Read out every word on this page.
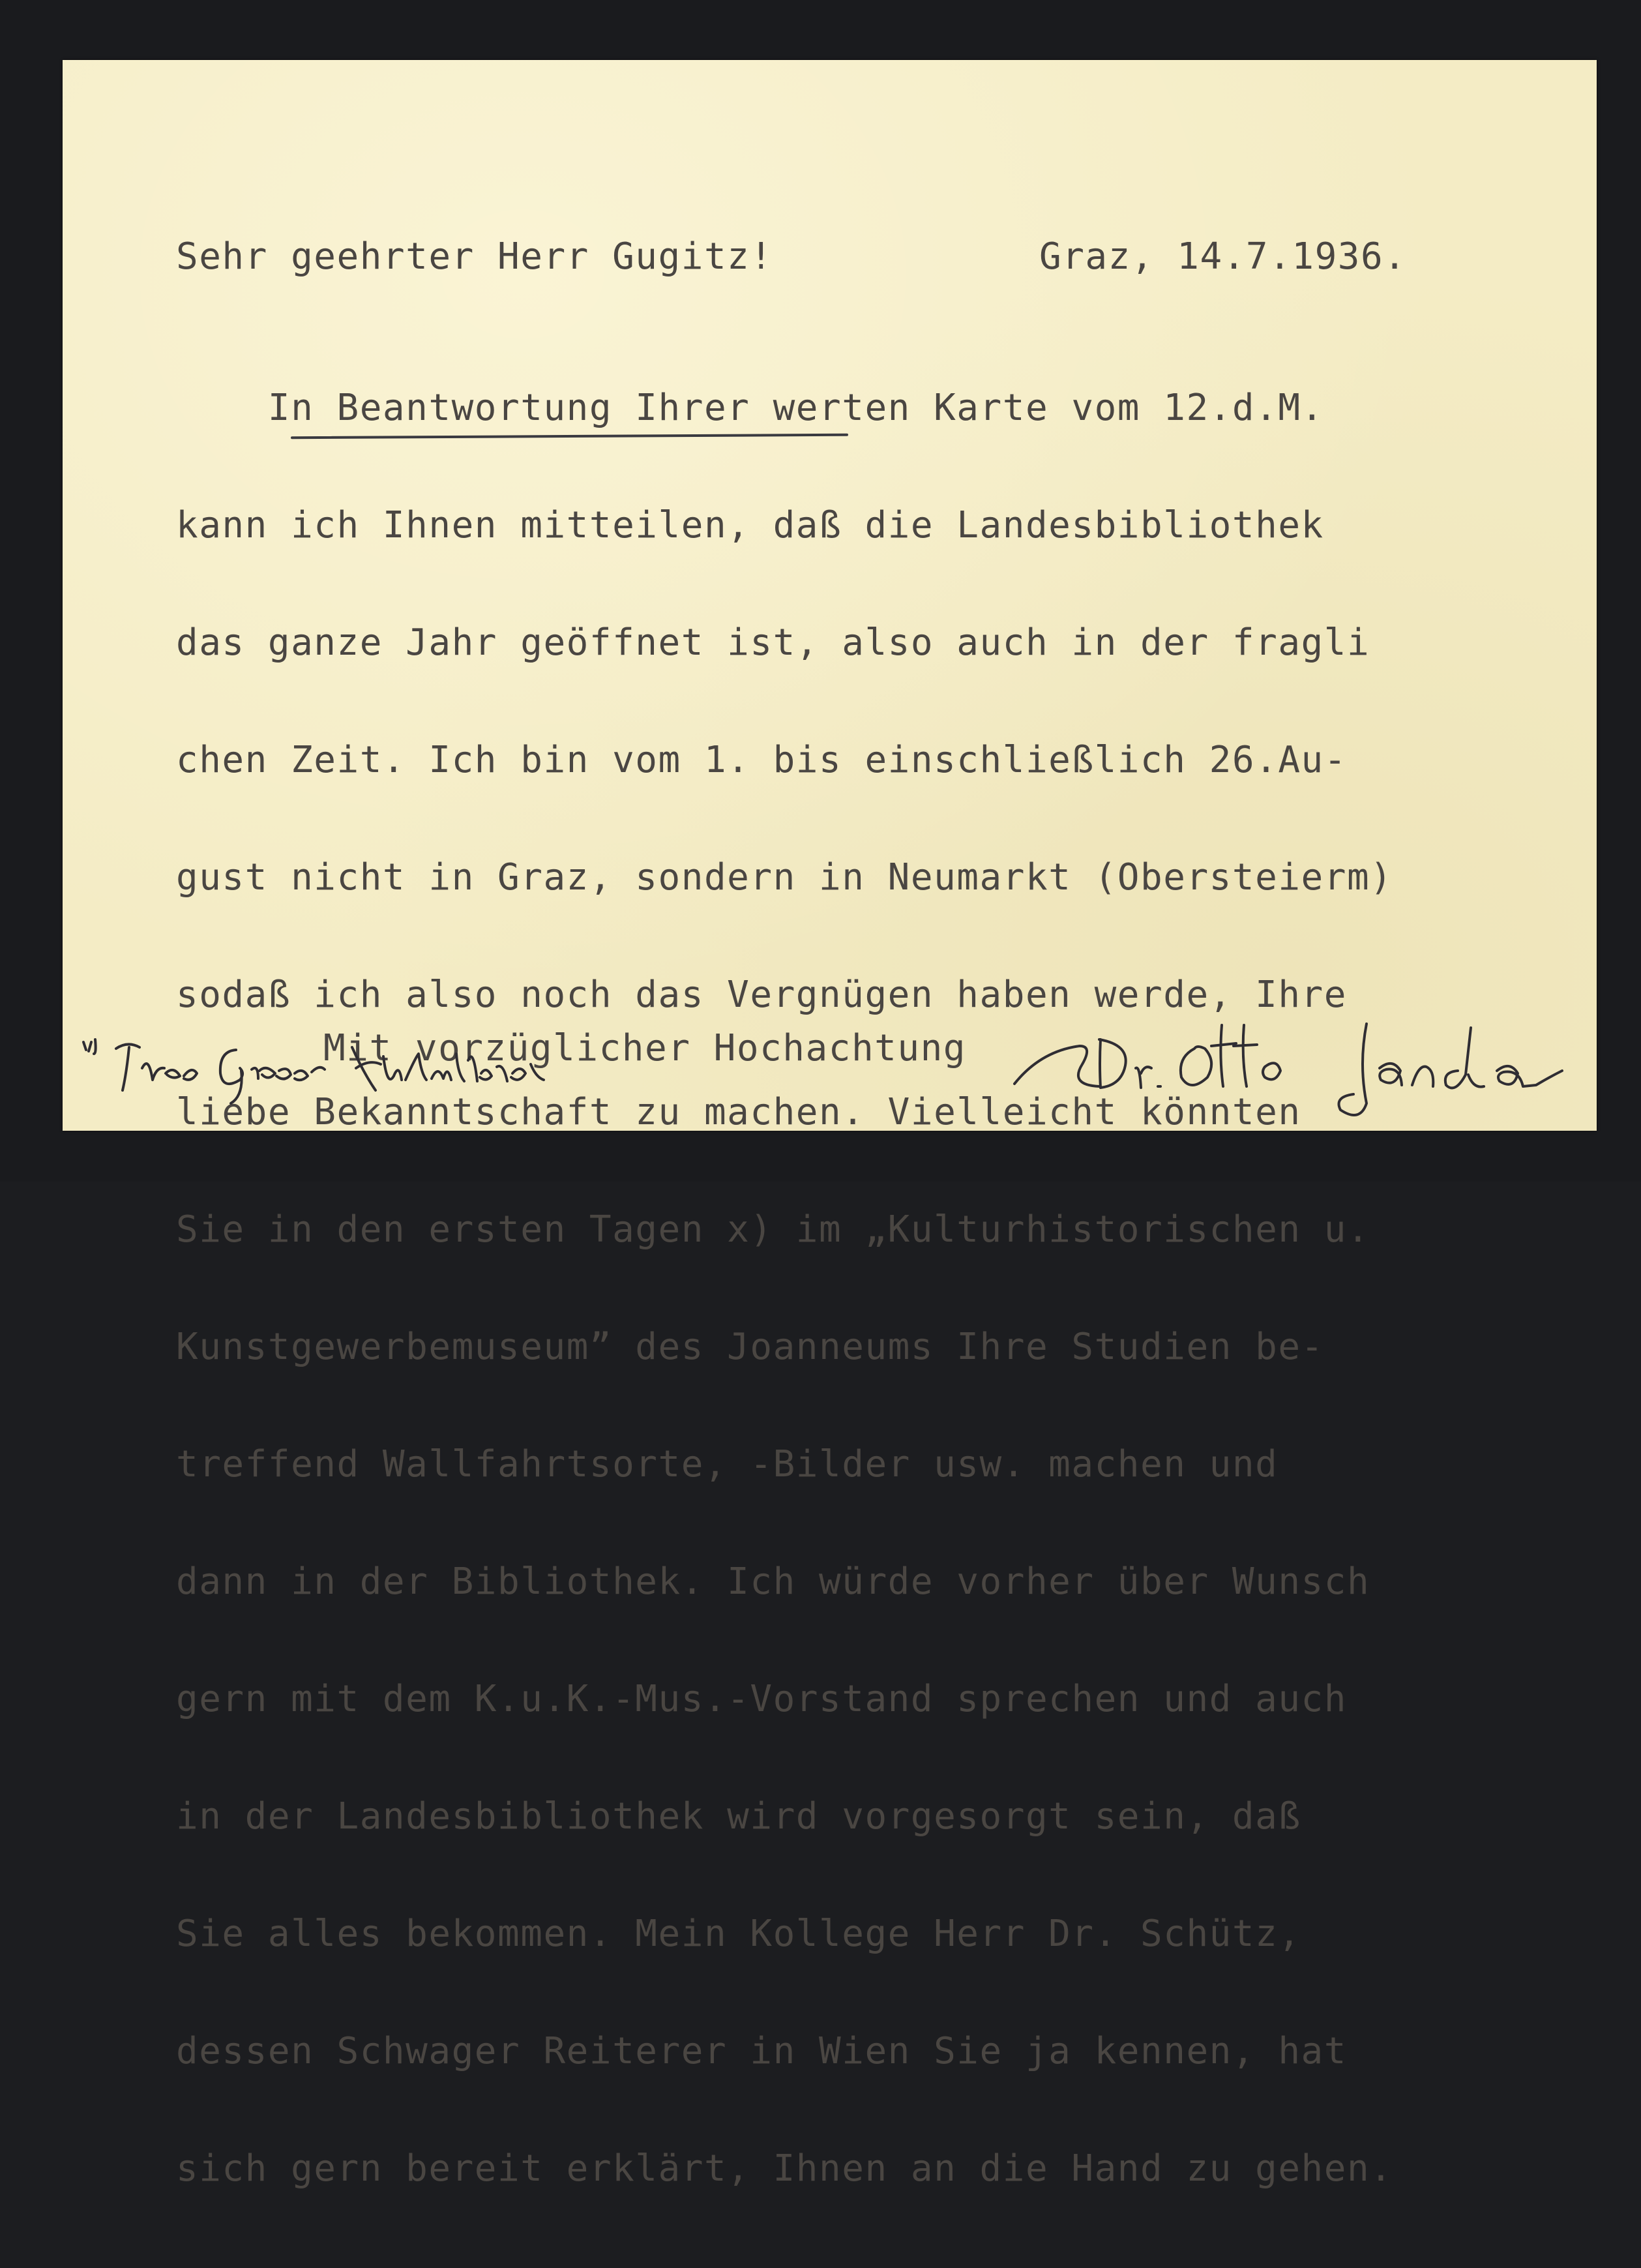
Sehr geehrter Herr Gugitz!	Graz, 14.7.1936.

In Beantwortung Ihrer werten Karte vom 12.d.M.

kann ich Ihnen mitteilen, daß die Landesbibliothek

das ganze Jahr geöffnet ist, also auch in der fragli

chen Zeit. Ich bin vom 1. bis einschließlich 26.Au-

gust nicht in Graz, sondern in Neumarkt (Obersteierm)

sodaß ich also noch das Vergnügen haben werde, Ihre

liebe Bekanntschaft zu machen. Vielleicht könnten

Sie in den ersten Tagen x) im „Kulturhistorischen u.

Kunstgewerbemuseum” des Joanneums Ihre Studien be-

treffend Wallfahrtsorte, -Bilder usw. machen und

dann in der Bibliothek. Ich würde vorher über Wunsch

gern mit dem K.u.K.-Mus.-Vorstand sprechen und auch

in der Landesbibliothek wird vorgesorgt sein, daß

Sie alles bekommen. Mein Kollege Herr Dr. Schütz,

dessen Schwager Reiterer in Wien Sie ja kennen, hat

sich gern bereit erklärt, Ihnen an die Hand zu gehen.

Mit vorzüglicher Hochachtung
